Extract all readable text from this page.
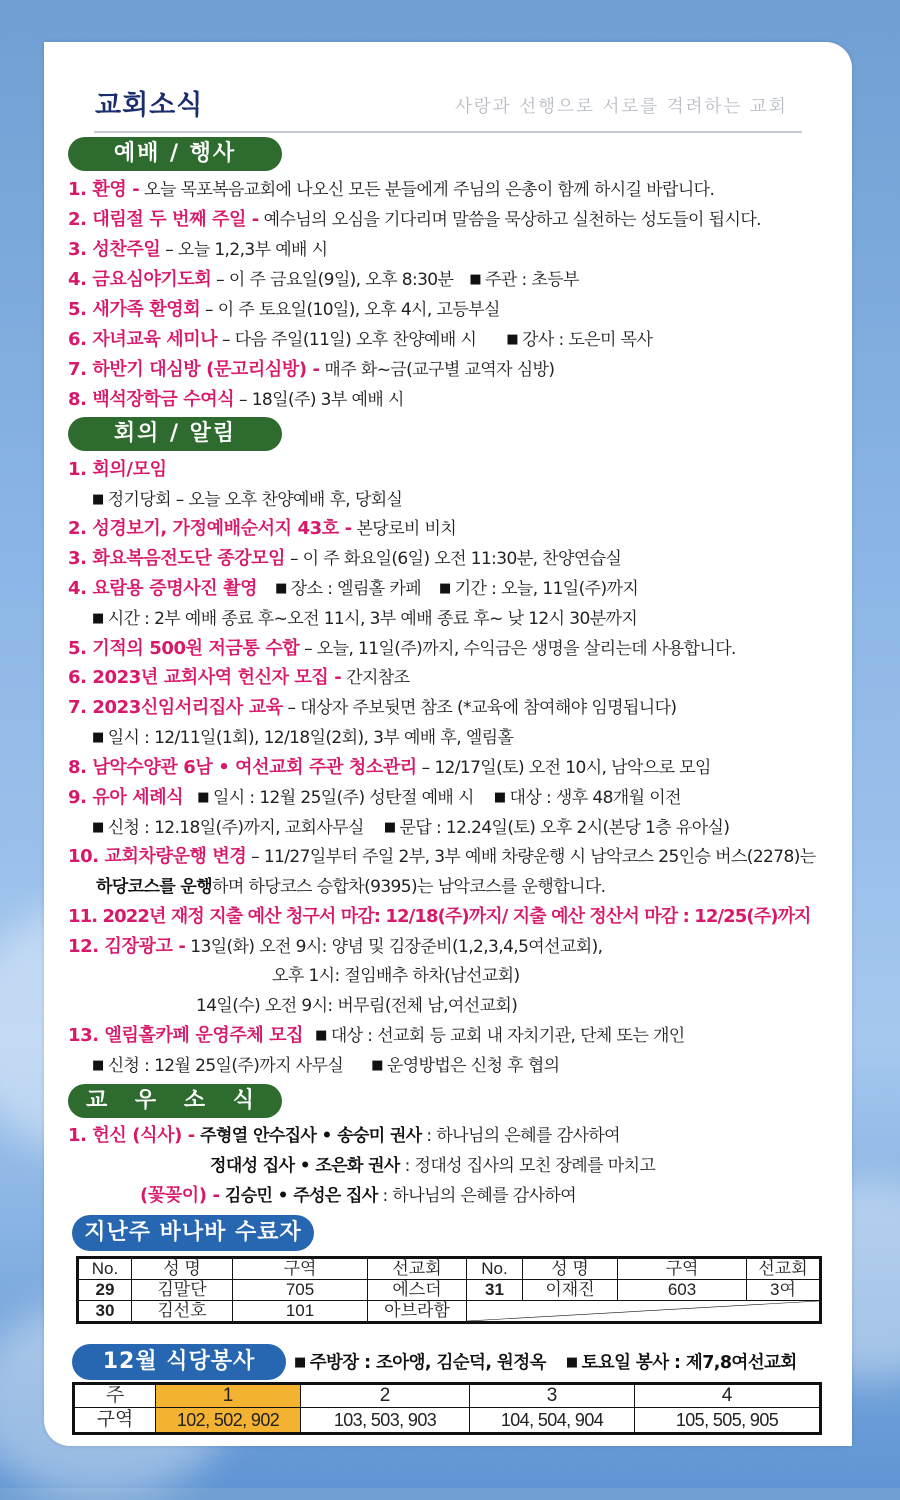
교회소식	사랑과 선행으로 서로를 격려하는 교회
예배 / 행사
1. 환영 - 오늘 목포복음교회에 나오신 모든 분들에게 주님의 은총이 함께 하시길 바랍니다.
2. 대림절 두 번째 주일 - 예수님의 오심을 기다리며 말씀을 묵상하고 실천하는 성도들이 됩시다.
3. 성찬주일 – 오늘 1,2,3부 예배 시
4. 금요심야기도회 – 이 주 금요일(9일), 오후 8:30분 ■ 주관 : 초등부
5. 새가족 환영회 – 이 주 토요일(10일), 오후 4시, 고등부실
6. 자녀교육 세미나 – 다음 주일(11일) 오후 찬양예배 시 ■ 강사 : 도은미 목사
7. 하반기 대심방 (문고리심방) - 매주 화~금(교구별 교역자 심방)
8. 백석장학금 수여식 – 18일(주) 3부 예배 시
회의 / 알림
1. 회의/모임
■ 정기당회 – 오늘 오후 찬양예배 후, 당회실
2. 성경보기, 가정예배순서지 43호 - 본당로비 비치
3. 화요복음전도단 종강모임 – 이 주 화요일(6일) 오전 11:30분, 찬양연습실
4. 요람용 증명사진 촬영 ■ 장소 : 엘림홀 카페 ■ 기간 : 오늘, 11일(주)까지
■ 시간 : 2부 예배 종료 후~오전 11시, 3부 예배 종료 후~ 낮 12시 30분까지
5. 기적의 500원 저금통 수합 – 오늘, 11일(주)까지, 수익금은 생명을 살리는데 사용합니다.
6. 2023년 교회사역 헌신자 모집 - 간지참조
7. 2023신임서리집사 교육 – 대상자 주보뒷면 참조 (*교육에 참여해야 임명됩니다)
■ 일시 : 12/11일(1회), 12/18일(2회), 3부 예배 후, 엘림홀
8. 남악수양관 6남 • 여선교회 주관 청소관리 – 12/17일(토) 오전 10시, 남악으로 모임
9. 유아 세례식 ■ 일시 : 12월 25일(주) 성탄절 예배 시 ■ 대상 : 생후 48개월 이전
■ 신청 : 12.18일(주)까지, 교회사무실 ■ 문답 : 12.24일(토) 오후 2시(본당 1층 유아실)
10. 교회차량운행 변경 – 11/27일부터 주일 2부, 3부 예배 차량운행 시 남악코스 25인승 버스(2278)는
하당코스를 운행하며 하당코스 승합차(9395)는 남악코스를 운행합니다.
11. 2022년 재정 지출 예산 청구서 마감: 12/18(주)까지/ 지출 예산 정산서 마감 : 12/25(주)까지
12. 김장광고 - 13일(화) 오전 9시: 양념 및 김장준비(1,2,3,4,5여선교회),
오후 1시: 절임배추 하차(남선교회)
14일(수) 오전 9시: 버무림(전체 남,여선교회)
13. 엘림홀카페 운영주체 모집 ■ 대상 : 선교회 등 교회 내 자치기관, 단체 또는 개인
■ 신청 : 12월 25일(주)까지 사무실 ■ 운영방법은 신청 후 협의
교 우 소 식
1. 헌신 (식사) - 주형열 안수집사 • 송숭미 권사 : 하나님의 은혜를 감사하여
정대성 집사 • 조은화 권사 : 정대성 집사의 모친 장례를 마치고
(꽃꽂이) - 김승민 • 주성은 집사 : 하나님의 은혜를 감사하여
지난주 바나바 수료자
No.	성 명	구역	선교회	No.	성 명	구역	선교회
29	김말단	705	에스더	31	이재진	603	3여
30	김선호	101	아브라함	
12월 식당봉사	■ 주방장 : 조아앵, 김순덕, 원정옥 ■ 토요일 봉사 : 제7,8여선교회
주	1	2	3	4
구역	102, 502, 902	103, 503, 903	104, 504, 904	105, 505, 905
